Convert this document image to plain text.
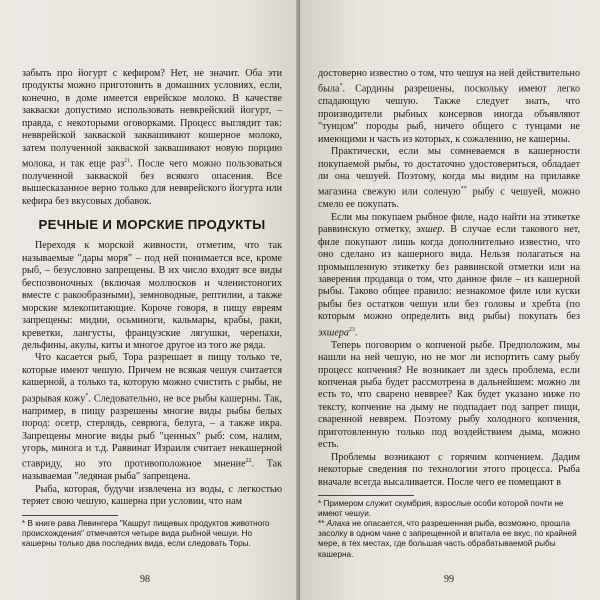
забыть про йогурт с кефиром? Нет, не значит. Оба эти продукты можно приготовить в домашних условиях, если, конечно, в доме имеется еврейское молоко. В качестве закваски допустимо использовать невкрейский йогурт, – правда, с некоторыми оговорками. Процесс выглядит так: невврейской закваской заквашивают кошерное молоко, затем полученной закваской заквашивают новую порцию молока, и так еще раз$^{21}$. После чего можно пользоваться полученной закваской без всякого опасения. Все вышесказанное верно только для невврейского йогурта или кефира без вкусовых добавок.

РЕЧНЫЕ И МОРСКИЕ ПРОДУКТЫ

Переходя к морской живности, отметим, что так называемые "дары моря" – под ней понимается все, кроме рыб, – безусловно запрещены. В их число входят все виды беспозвоночных (включая моллюсков и членистоногих вместе с ракообразными), земноводные, рептилии, а также морские млекопитающие. Короче говоря, в пищу евреям запрещены: мидии, осьминоги, кальмары, крабы, раки, креветки, лангусты, французские лягушки, черепахи, дельфины, акулы, киты и многое другое из того же ряда.

Что касается рыб, Тора разрешает в пищу только те, которые имеют чешую. Причем не всякая чешуя считается кашерной, а только та, которую можно счистить с рыбы, не разрывая кожу*. Следовательно, не все рыбы кашерны. Так, например, в пищу разрешены многие виды рыбы белых пород: осетр, стерлядь, севрюга, белуга, – а также икра. Запрещены многие виды рыб "ценных" рыб: сом, налим, угорь, минога и т.д. Раввинат Израиля считает некашерной ставриду, но это противоположное мнение$^{22}$. Так называемая "ледяная рыба" запрещена.

Рыба, которая, будучи извлечена из воды, с легкостью теряет свою чешую, кашерна при условии, что нам

* В книге рава Левингера "Кашрут пищевых продуктов животного происхождения" отмечается четыре вида рыбной чешуи. Но кашерны только два последних вида, если следовать Торы.

98

достоверно известно о том, что чешуя на ней действительно была*. Сардины разрешены, поскольку имеют легко спадающую чешую. Также следует знать, что производители рыбных консервов иногда объявляют "тунцом" породы рыб, ничего общего с тунцами не имеющими и часть из которых, к сожалению, не кашерны.

Практически, если мы сомневаемся в кашерности покупаемой рыбы, то достаточно удостовериться, обладает ли она чешуей. Поэтому, когда мы видим на прилавке магазина свежую или соленую** рыбу с чешуей, можно смело ее покупать.

Если мы покупаем рыбное филе, надо найти на этикетке раввинскую отметку, эхшер. В случае если такового нет, филе покупают лишь когда дополнительно известно, что оно сделано из кашерного вида. Нельзя полагаться на промышленную этикетку без раввинской отметки или на заверения продавца о том, что данное филе – из кашерной рыбы. Таково общее правило: незнакомое филе или куски рыбы без остатков чешуи или без головы и хребта (по которым можно определить вид рыбы) покупать без эхшера$^{23}$.

Теперь поговорим о копченой рыбе. Предположим, мы нашли на ней чешую, но не мог ли испортить саму рыбу процесс копчения? Не возникает ли здесь проблема, если копченая рыба будет рассмотрена в дальнейшем: можно ли есть то, что сварено невврее? Как будет указано ниже по тексту, копчение на дыму не подпадает под запрет пищи, сваренной невврем. Поэтому рыбу холодного копчения, приготовленную только под воздействием дыма, можно есть.

Проблемы возникают с горячим копчением. Дадим некоторые сведения по технологии этого процесса. Рыба вначале всегда высаливается. После чего ее помещают в

* Примером служит скумбрия, взрослые особи которой почти не имеют чешуи.

** Алаха не опасается, что разрешенная рыба, возможно, прошла засолку в одном чане с запрещенной и впитала ее вкус, по крайней мере, в тех местах, где большая часть обрабатываемой рыбы кашерна.

99
